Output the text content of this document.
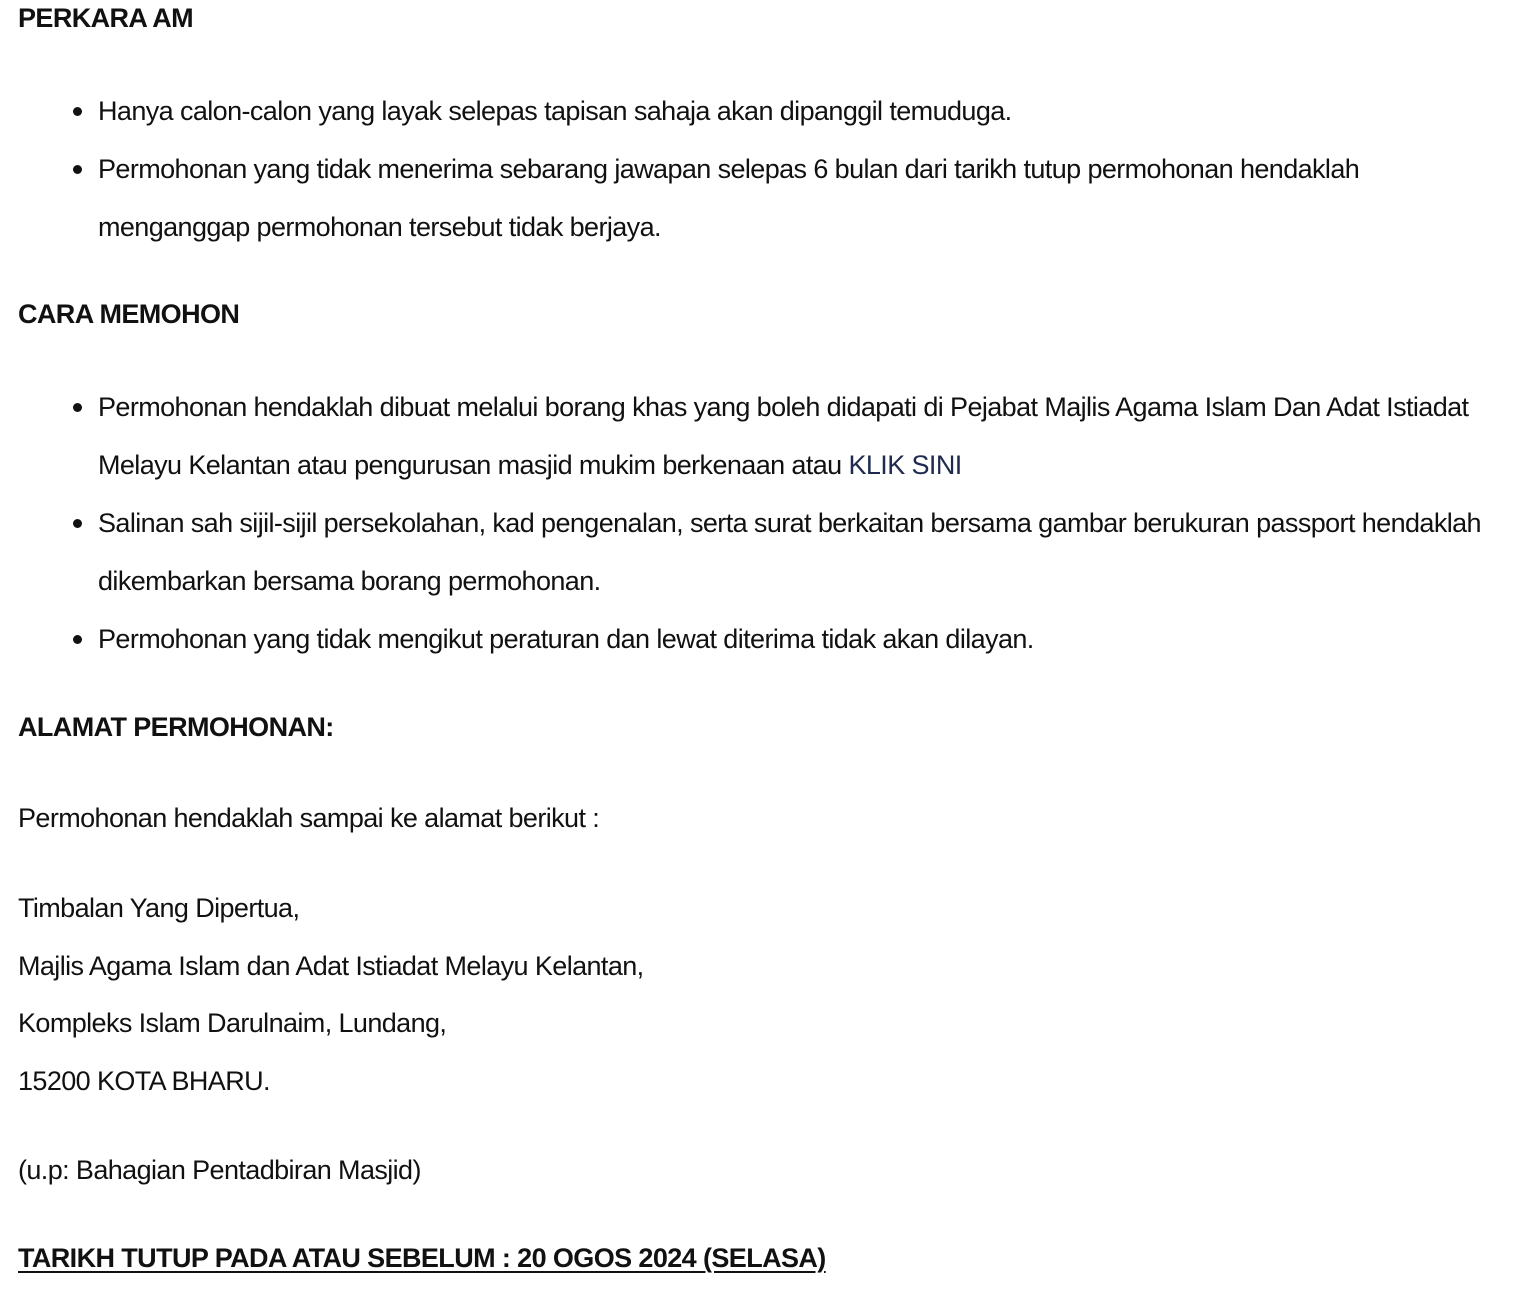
PERKARA AM
Hanya calon-calon yang layak selepas tapisan sahaja akan dipanggil temuduga.
Permohonan yang tidak menerima sebarang jawapan selepas 6 bulan dari tarikh tutup permohonan hendaklah menganggap permohonan tersebut tidak berjaya.
CARA MEMOHON
Permohonan hendaklah dibuat melalui borang khas yang boleh didapati di Pejabat Majlis Agama Islam Dan Adat Istiadat Melayu Kelantan atau pengurusan masjid mukim berkenaan atau KLIK SINI
Salinan sah sijil-sijil persekolahan, kad pengenalan, serta surat berkaitan bersama gambar berukuran passport hendaklah dikembarkan bersama borang permohonan.
Permohonan yang tidak mengikut peraturan dan lewat diterima tidak akan dilayan.
ALAMAT PERMOHONAN:

Permohonan hendaklah sampai ke alamat berikut :

Timbalan Yang Dipertua,

Majlis Agama Islam dan Adat Istiadat Melayu Kelantan,

Kompleks Islam Darulnaim, Lundang,

15200 KOTA BHARU.

(u.p: Bahagian Pentadbiran Masjid)

TARIKH TUTUP PADA ATAU SEBELUM : 20 OGOS 2024 (SELASA)
